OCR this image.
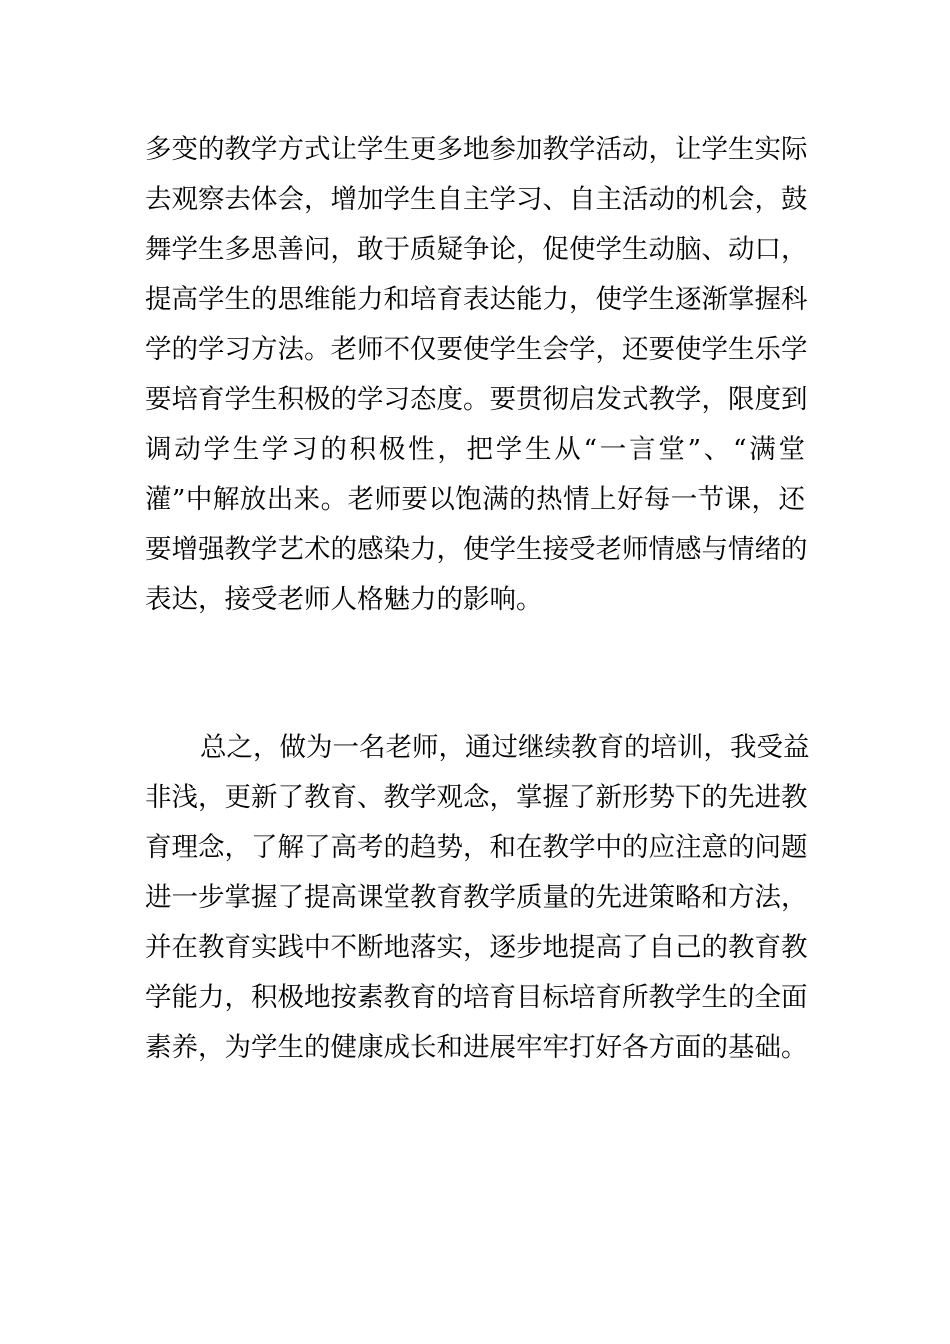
多变的教学方式让学生更多地参加教学活动，让学生实际

去观察去体会，增加学生自主学习、自主活动的机会，鼓

舞学生多思善问，敢于质疑争论，促使学生动脑、动口，

提高学生的思维能力和培育表达能力，使学生逐渐掌握科

学的学习方法。老师不仅要使学生会学，还要使学生乐学

要培育学生积极的学习态度。要贯彻启发式教学，限度到

调动学生学习的积极性，把学生从“一言堂”、“满堂

灌”中解放出来。老师要以饱满的热情上好每一节课，还

要增强教学艺术的感染力，使学生接受老师情感与情绪的

表达，接受老师人格魅力的影响。

总之，做为一名老师，通过继续教育的培训，我受益

非浅，更新了教育、教学观念，掌握了新形势下的先进教

育理念，了解了高考的趋势，和在教学中的应注意的问题

进一步掌握了提高课堂教育教学质量的先进策略和方法，

并在教育实践中不断地落实，逐步地提高了自己的教育教

学能力，积极地按素教育的培育目标培育所教学生的全面

素养，为学生的健康成长和进展牢牢打好各方面的基础。
